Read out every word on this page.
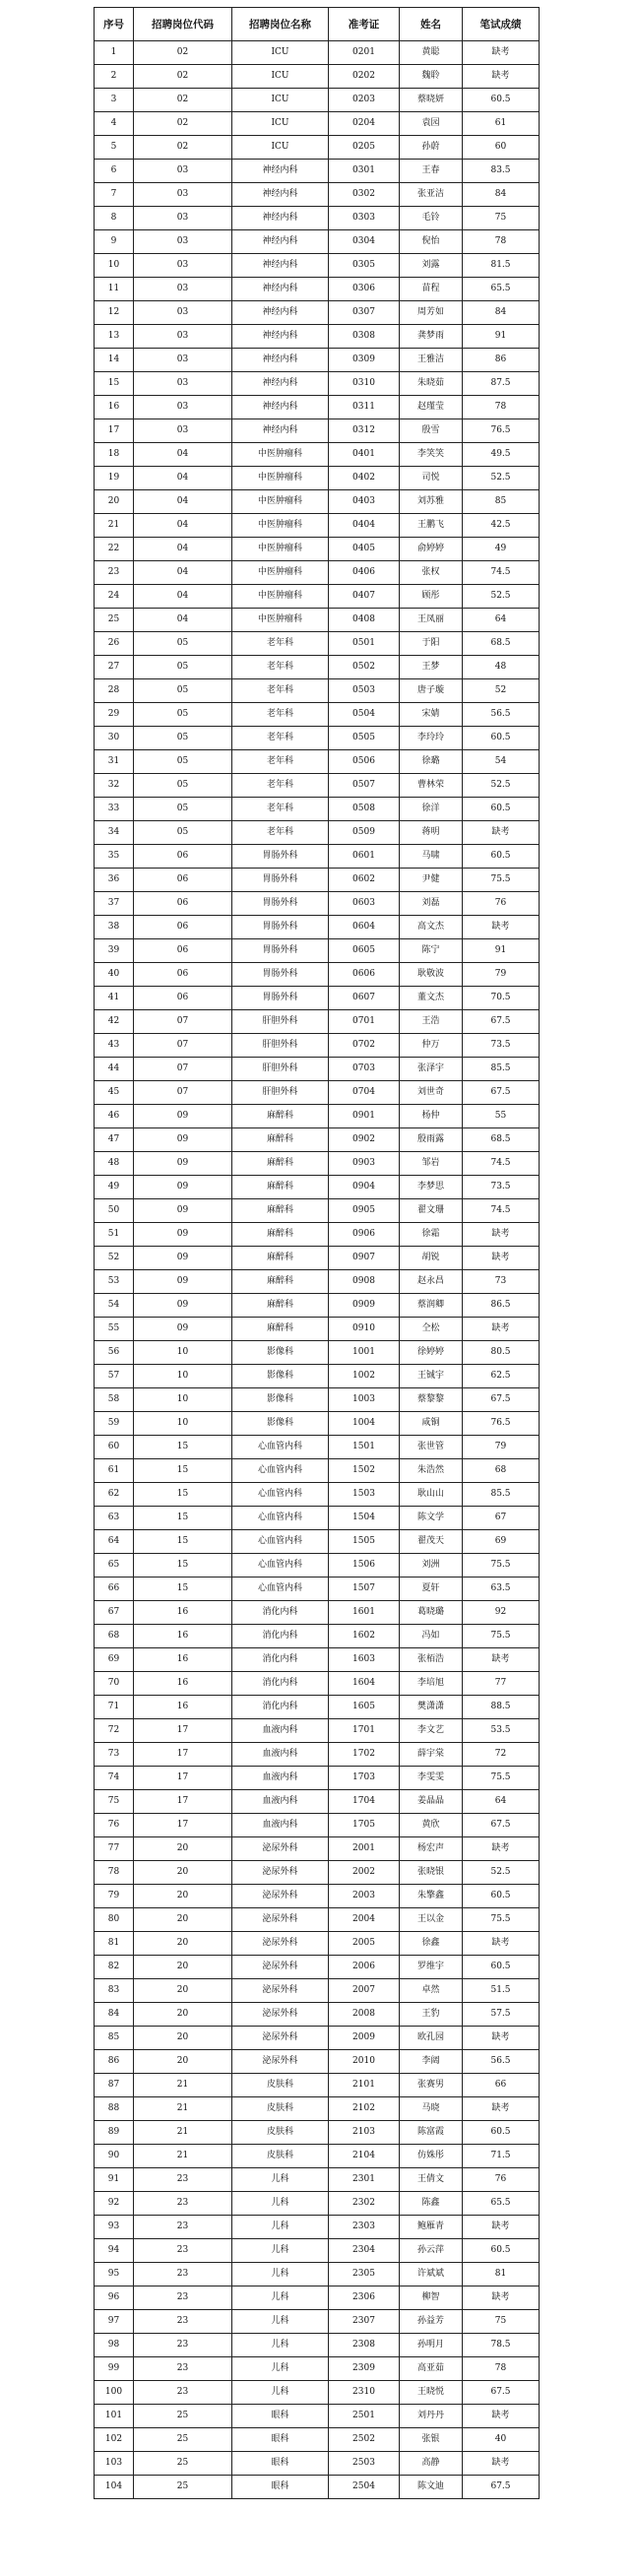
序号	招聘岗位代码	招聘岗位名称	准考证	姓名	笔试成绩
1	02	ICU	0201	黄聪	缺考
2	02	ICU	0202	魏聆	缺考
3	02	ICU	0203	蔡晓妍	60.5
4	02	ICU	0204	袁园	61
5	02	ICU	0205	孙蔚	60
6	03	神经内科	0301	王春	83.5
7	03	神经内科	0302	张亚洁	84
8	03	神经内科	0303	毛铃	75
9	03	神经内科	0304	倪怡	78
10	03	神经内科	0305	刘露	81.5
11	03	神经内科	0306	苗程	65.5
12	03	神经内科	0307	周芳如	84
13	03	神经内科	0308	龚梦雨	91
14	03	神经内科	0309	王雅洁	86
15	03	神经内科	0310	朱晓茹	87.5
16	03	神经内科	0311	赵瑾莹	78
17	03	神经内科	0312	殷雪	76.5
18	04	中医肿瘤科	0401	李笑笑	49.5
19	04	中医肿瘤科	0402	司悦	52.5
20	04	中医肿瘤科	0403	刘苏雅	85
21	04	中医肿瘤科	0404	王鹏飞	42.5
22	04	中医肿瘤科	0405	俞婷婷	49
23	04	中医肿瘤科	0406	张权	74.5
24	04	中医肿瘤科	0407	顾彤	52.5
25	04	中医肿瘤科	0408	王凤丽	64
26	05	老年科	0501	于阳	68.5
27	05	老年科	0502	王梦	48
28	05	老年科	0503	唐子璇	52
29	05	老年科	0504	宋婧	56.5
30	05	老年科	0505	李玲玲	60.5
31	05	老年科	0506	徐璐	54
32	05	老年科	0507	曹林荣	52.5
33	05	老年科	0508	徐洋	60.5
34	05	老年科	0509	蒋明	缺考
35	06	胃肠外科	0601	马啸	60.5
36	06	胃肠外科	0602	尹健	75.5
37	06	胃肠外科	0603	刘磊	76
38	06	胃肠外科	0604	高文杰	缺考
39	06	胃肠外科	0605	陈宁	91
40	06	胃肠外科	0606	耿敬波	79
41	06	胃肠外科	0607	董文杰	70.5
42	07	肝胆外科	0701	王浩	67.5
43	07	肝胆外科	0702	仲万	73.5
44	07	肝胆外科	0703	张泽宇	85.5
45	07	肝胆外科	0704	刘世奇	67.5
46	09	麻醉科	0901	杨仲	55
47	09	麻醉科	0902	殷雨露	68.5
48	09	麻醉科	0903	邹岩	74.5
49	09	麻醉科	0904	李梦思	73.5
50	09	麻醉科	0905	翟文珊	74.5
51	09	麻醉科	0906	徐霜	缺考
52	09	麻醉科	0907	胡锐	缺考
53	09	麻醉科	0908	赵永昌	73
54	09	麻醉科	0909	蔡润卿	86.5
55	09	麻醉科	0910	仝松	缺考
56	10	影像科	1001	徐婷婷	80.5
57	10	影像科	1002	王铖宇	62.5
58	10	影像科	1003	蔡黎黎	67.5
59	10	影像科	1004	咸铜	76.5
60	15	心血管内科	1501	张世管	79
61	15	心血管内科	1502	朱浩然	68
62	15	心血管内科	1503	耿山山	85.5
63	15	心血管内科	1504	陈文学	67
64	15	心血管内科	1505	翟茂天	69
65	15	心血管内科	1506	刘洲	75.5
66	15	心血管内科	1507	夏轩	63.5
67	16	消化内科	1601	葛晓璐	92
68	16	消化内科	1602	冯如	75.5
69	16	消化内科	1603	张栢浩	缺考
70	16	消化内科	1604	李培旭	77
71	16	消化内科	1605	樊潇潇	88.5
72	17	血液内科	1701	李文艺	53.5
73	17	血液内科	1702	薛宇棠	72
74	17	血液内科	1703	李雯雯	75.5
75	17	血液内科	1704	姜晶晶	64
76	17	血液内科	1705	黄欣	67.5
77	20	泌尿外科	2001	杨宏声	缺考
78	20	泌尿外科	2002	张晓银	52.5
79	20	泌尿外科	2003	朱擎鑫	60.5
80	20	泌尿外科	2004	王以金	75.5
81	20	泌尿外科	2005	徐鑫	缺考
82	20	泌尿外科	2006	罗维宇	60.5
83	20	泌尿外科	2007	卓然	51.5
84	20	泌尿外科	2008	王豹	57.5
85	20	泌尿外科	2009	欧孔园	缺考
86	20	泌尿外科	2010	李阔	56.5
87	21	皮肤科	2101	张赛男	66
88	21	皮肤科	2102	马晓	缺考
89	21	皮肤科	2103	陈富霞	60.5
90	21	皮肤科	2104	仿姝彤	71.5
91	23	儿科	2301	王倩文	76
92	23	儿科	2302	陈鑫	65.5
93	23	儿科	2303	鲍雁青	缺考
94	23	儿科	2304	孙云萍	60.5
95	23	儿科	2305	许斌斌	81
96	23	儿科	2306	柳智	缺考
97	23	儿科	2307	孙益芳	75
98	23	儿科	2308	孙明月	78.5
99	23	儿科	2309	高亚茹	78
100	23	儿科	2310	王晓悦	67.5
101	25	眼科	2501	刘丹丹	缺考
102	25	眼科	2502	张银	40
103	25	眼科	2503	高静	缺考
104	25	眼科	2504	陈文迪	67.5
